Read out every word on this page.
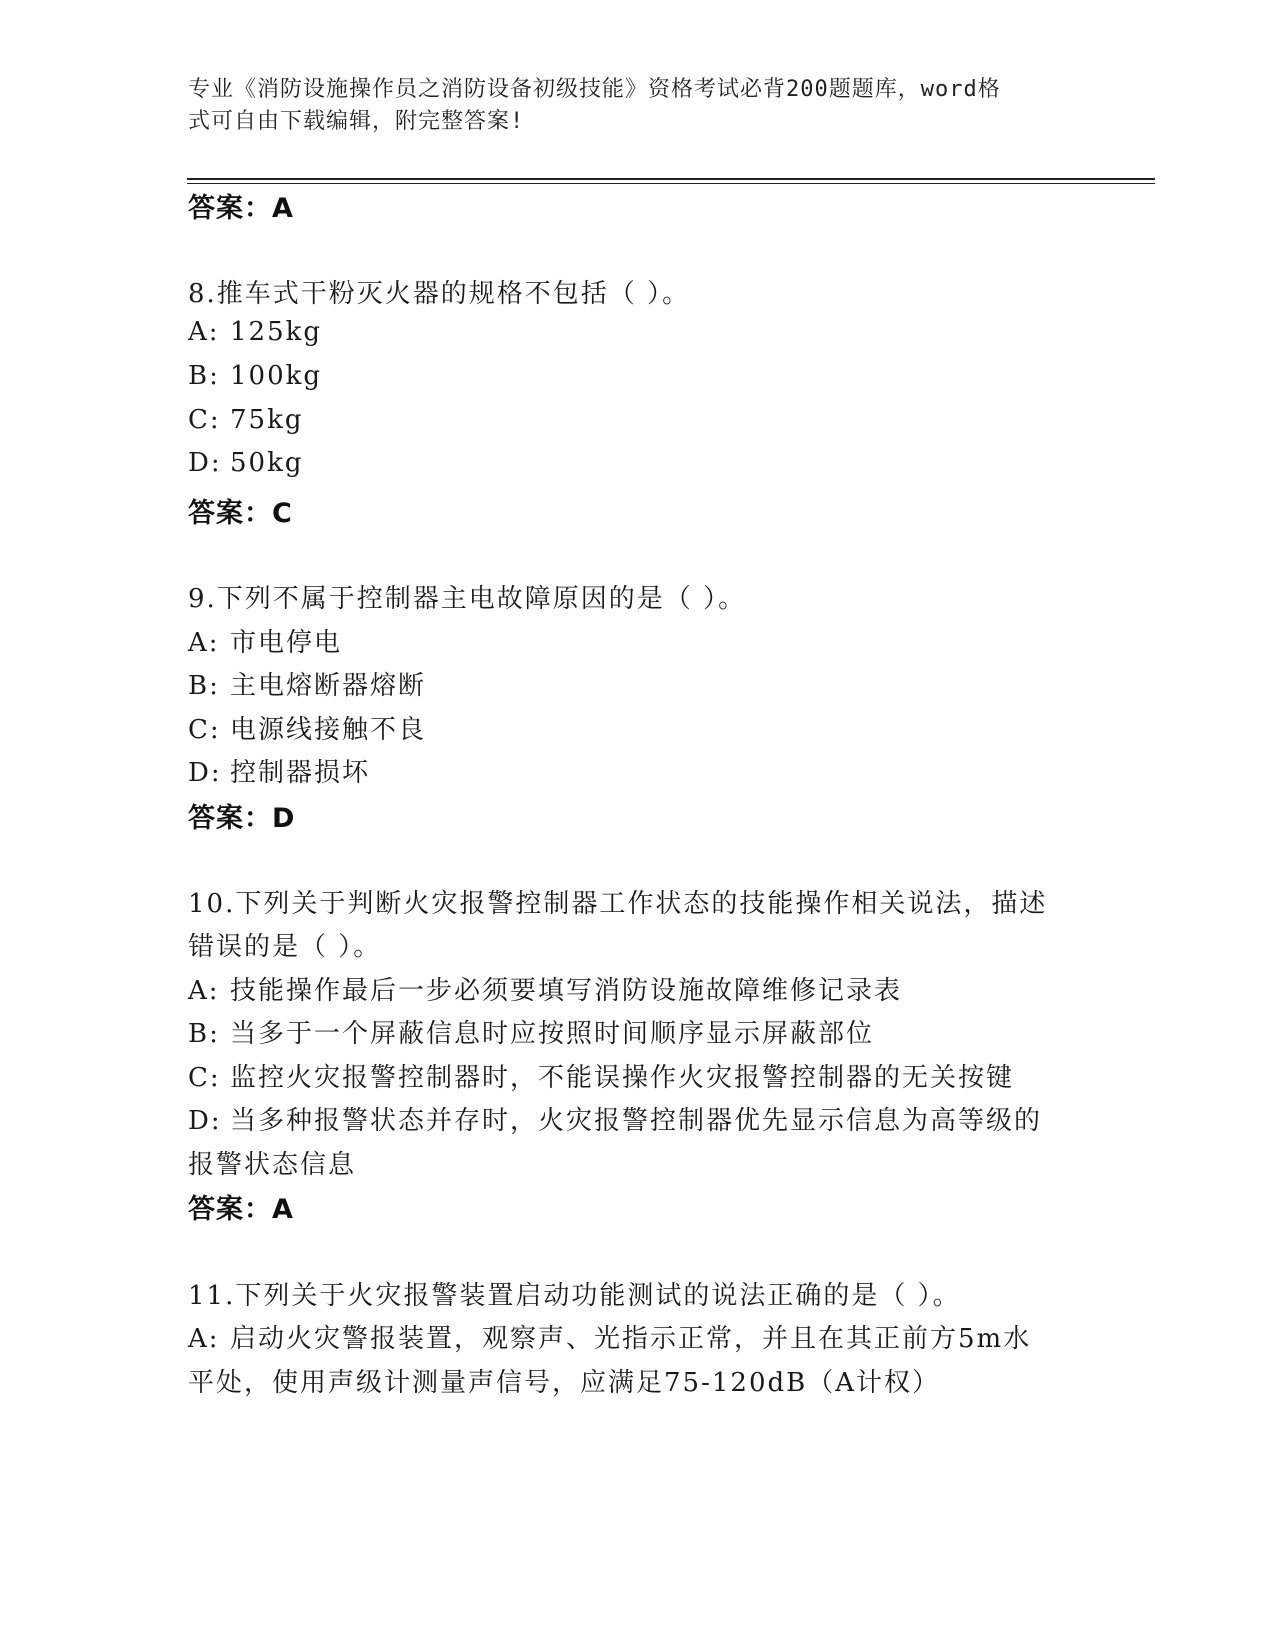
专业《消防设施操作员之消防设备初级技能》资格考试必背200题题库，word格
式可自由下载编辑，附完整答案!
答案：A
8.推车式干粉灭火器的规格不包括（ ）。
A: 125kg
B: 100kg
C: 75kg
D: 50kg
答案：C
9.下列不属于控制器主电故障原因的是（ ）。
A: 市电停电
B: 主电熔断器熔断
C: 电源线接触不良
D: 控制器损坏
答案：D
10.下列关于判断火灾报警控制器工作状态的技能操作相关说法，描述
错误的是（ ）。
A: 技能操作最后一步必须要填写消防设施故障维修记录表
B: 当多于一个屏蔽信息时应按照时间顺序显示屏蔽部位
C: 监控火灾报警控制器时，不能误操作火灾报警控制器的无关按键
D: 当多种报警状态并存时，火灾报警控制器优先显示信息为高等级的
报警状态信息
答案：A
11.下列关于火灾报警装置启动功能测试的说法正确的是（ ）。
A: 启动火灾警报装置，观察声、光指示正常，并且在其正前方5m水
平处，使用声级计测量声信号，应满足75-120dB（A计权）
